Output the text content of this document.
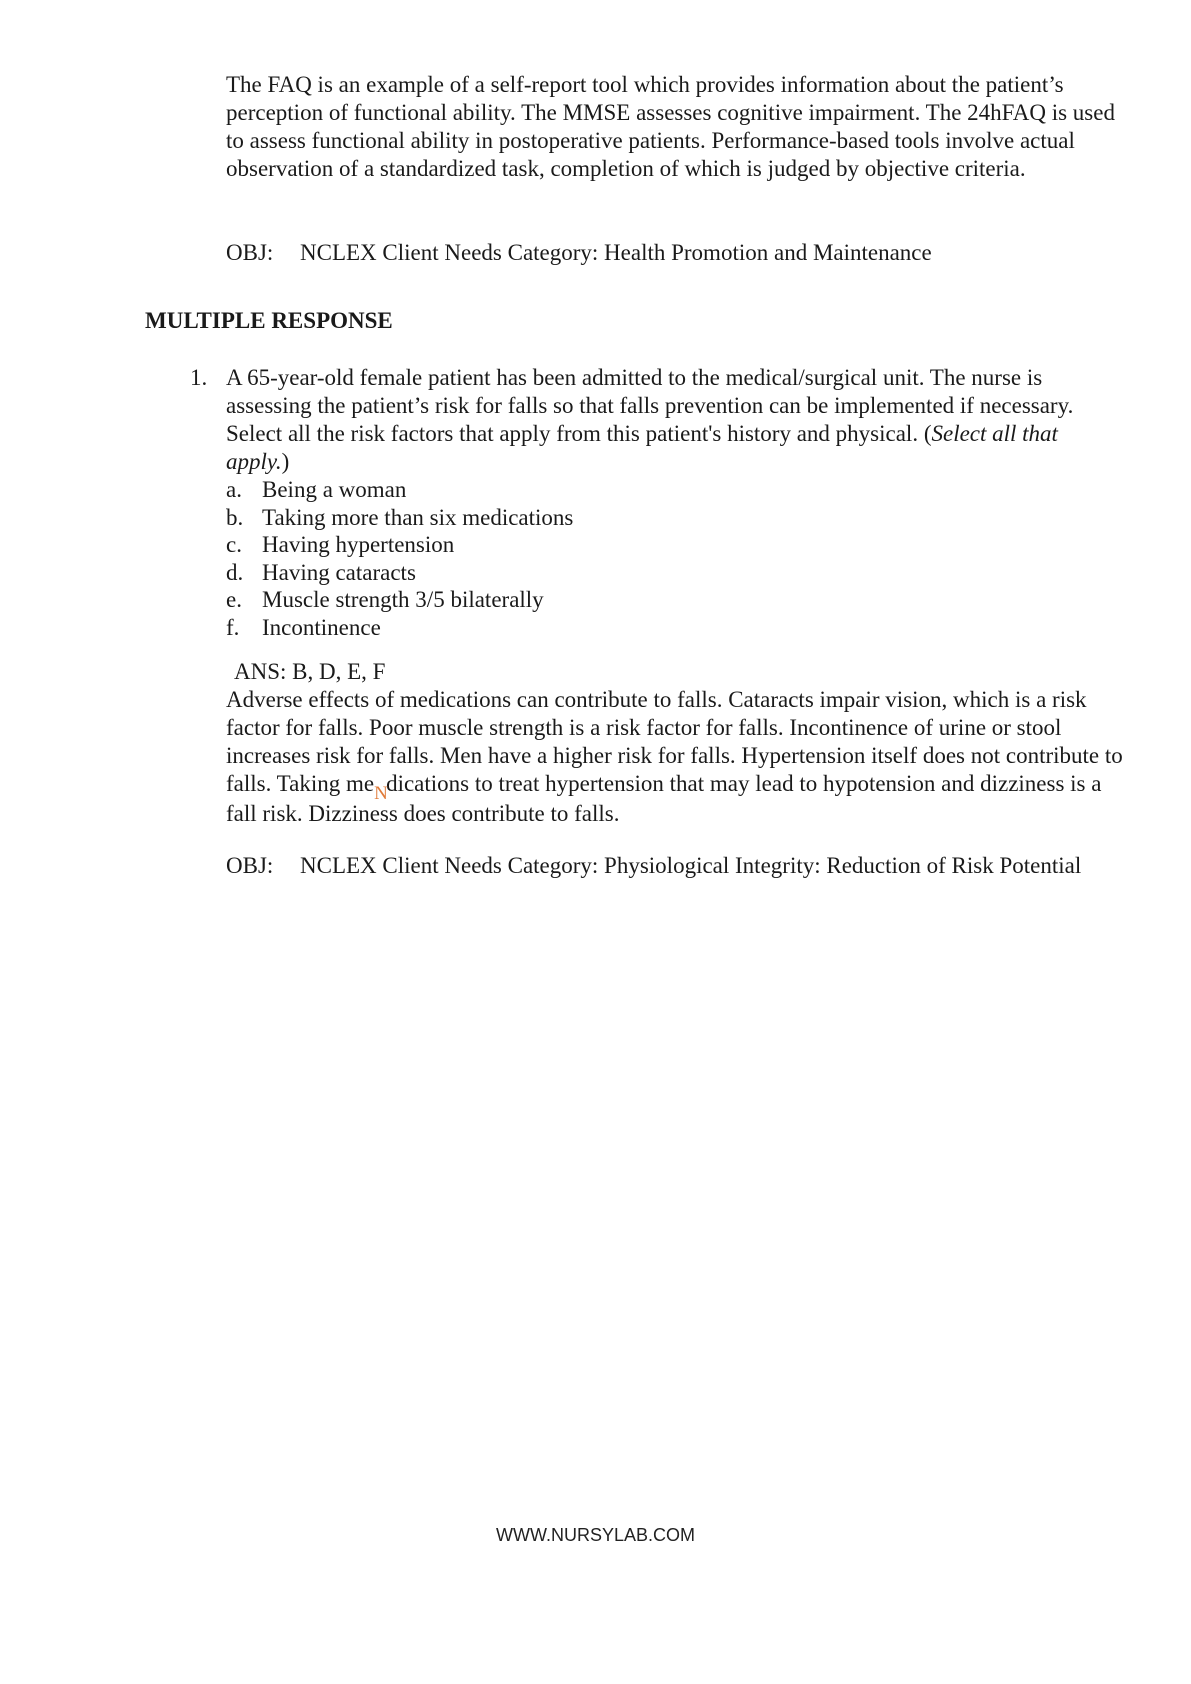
The FAQ is an example of a self-report tool which provides information about the patient’s perception of functional ability. The MMSE assesses cognitive impairment. The 24hFAQ is used to assess functional ability in postoperative patients. Performance-based tools involve actual observation of a standardized task, completion of which is judged by objective criteria.

OBJ: NCLEX Client Needs Category: Health Promotion and Maintenance
MULTIPLE RESPONSE
1. A 65-year-old female patient has been admitted to the medical/surgical unit. The nurse is assessing the patient’s risk for falls so that falls prevention can be implemented if necessary. Select all the risk factors that apply from this patient's history and physical. (Select all that apply.)

a. Being a woman
b. Taking more than six medications
c. Having hypertension
d. Having cataracts
e. Muscle strength 3/5 bilaterally
f. Incontinence
ANS: B, D, E, F

Adverse effects of medications can contribute to falls. Cataracts impair vision, which is a risk factor for falls. Poor muscle strength is a risk factor for falls. Incontinence of urine or stool increases risk for falls. Men have a higher risk for falls. Hypertension itself does not contribute to falls. Taking meNdications to treat hypertension that may lead to hypotension and dizziness is a fall risk. Dizziness does contribute to falls.

OBJ: NCLEX Client Needs Category: Physiological Integrity: Reduction of Risk Potential
WWW.NURSYLAB.COM
